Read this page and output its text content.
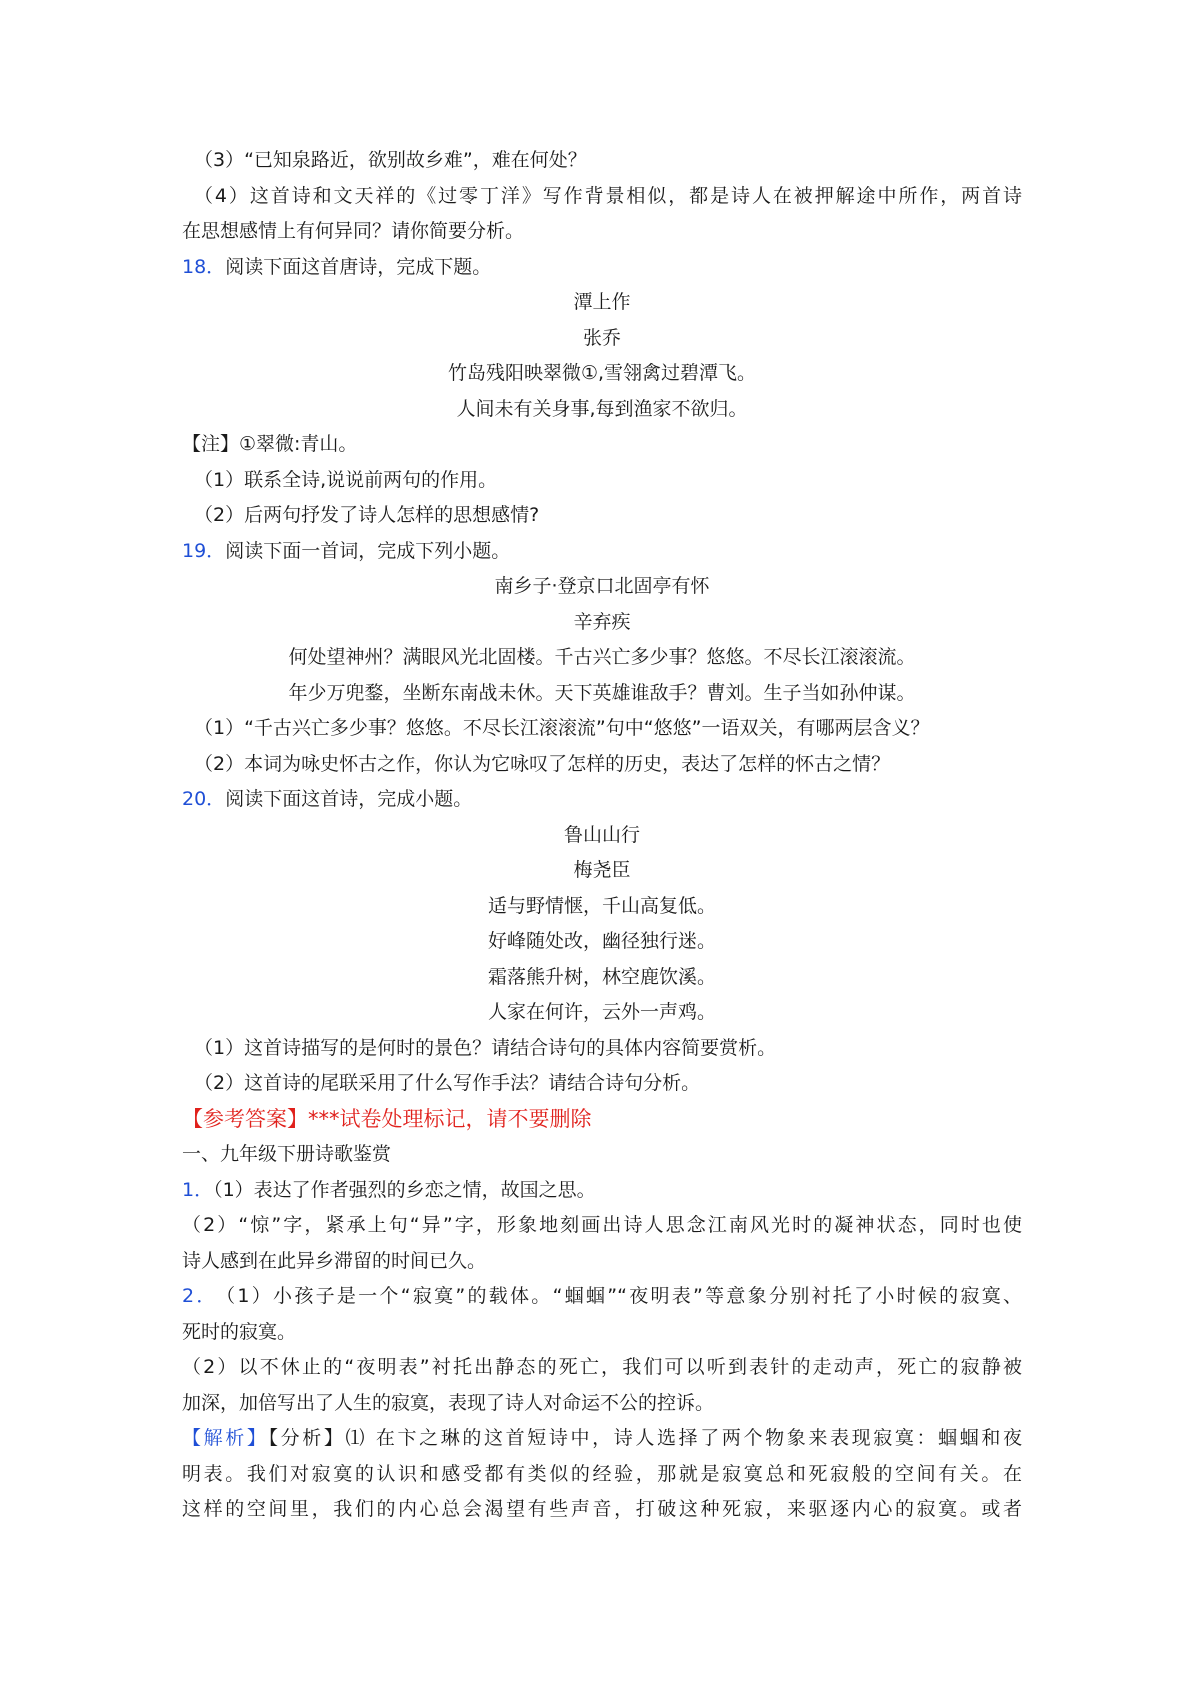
（3）“已知泉路近，欲别故乡难”，难在何处？
（4）这首诗和文天祥的《过零丁洋》写作背景相似，都是诗人在被押解途中所作，两首诗
在思想感情上有何异同？请你简要分析。
18．阅读下面这首唐诗，完成下题。
潭上作
张乔
竹岛残阳映翠微①,雪翎禽过碧潭飞。
人间未有关身事,每到渔家不欲归。
【注】①翠微:青山。
（1）联系全诗,说说前两句的作用。
（2）后两句抒发了诗人怎样的思想感情?
19．阅读下面一首词，完成下列小题。
南乡子·登京口北固亭有怀
辛弃疾
何处望神州？满眼风光北固楼。千古兴亡多少事？悠悠。不尽长江滚滚流。
年少万兜鍪，坐断东南战未休。天下英雄谁敌手？曹刘。生子当如孙仲谋。
（1）“千古兴亡多少事？悠悠。不尽长江滚滚流”句中“悠悠”一语双关，有哪两层含义？
（2）本词为咏史怀古之作，你认为它咏叹了怎样的历史，表达了怎样的怀古之情？
20．阅读下面这首诗，完成小题。
鲁山山行
梅尧臣
适与野情惬，千山高复低。
好峰随处改，幽径独行迷。
霜落熊升树，林空鹿饮溪。
人家在何许，云外一声鸡。
（1）这首诗描写的是何时的景色？请结合诗句的具体内容简要赏析。
（2）这首诗的尾联采用了什么写作手法？请结合诗句分析。
【参考答案】***试卷处理标记，请不要删除
一、九年级下册诗歌鉴赏
1．（1）表达了作者强烈的乡恋之情，故国之思。
（2）“惊”字，紧承上句“异”字，形象地刻画出诗人思念江南风光时的凝神状态，同时也使
诗人感到在此异乡滞留的时间已久。
2． （1）小孩子是一个“寂寞”的载体。“蝈蝈”“夜明表”等意象分别衬托了小时候的寂寞、
死时的寂寞。
（2）以不休止的“夜明表”衬托出静态的死亡，我们可以听到表针的走动声，死亡的寂静被
加深，加倍写出了人生的寂寞，表现了诗人对命运不公的控诉。
【解析】【分析】⑴ 在卞之琳的这首短诗中，诗人选择了两个物象来表现寂寞：蝈蝈和夜
明表。我们对寂寞的认识和感受都有类似的经验，那就是寂寞总和死寂般的空间有关。在
这样的空间里，我们的内心总会渴望有些声音，打破这种死寂，来驱逐内心的寂寞。或者
